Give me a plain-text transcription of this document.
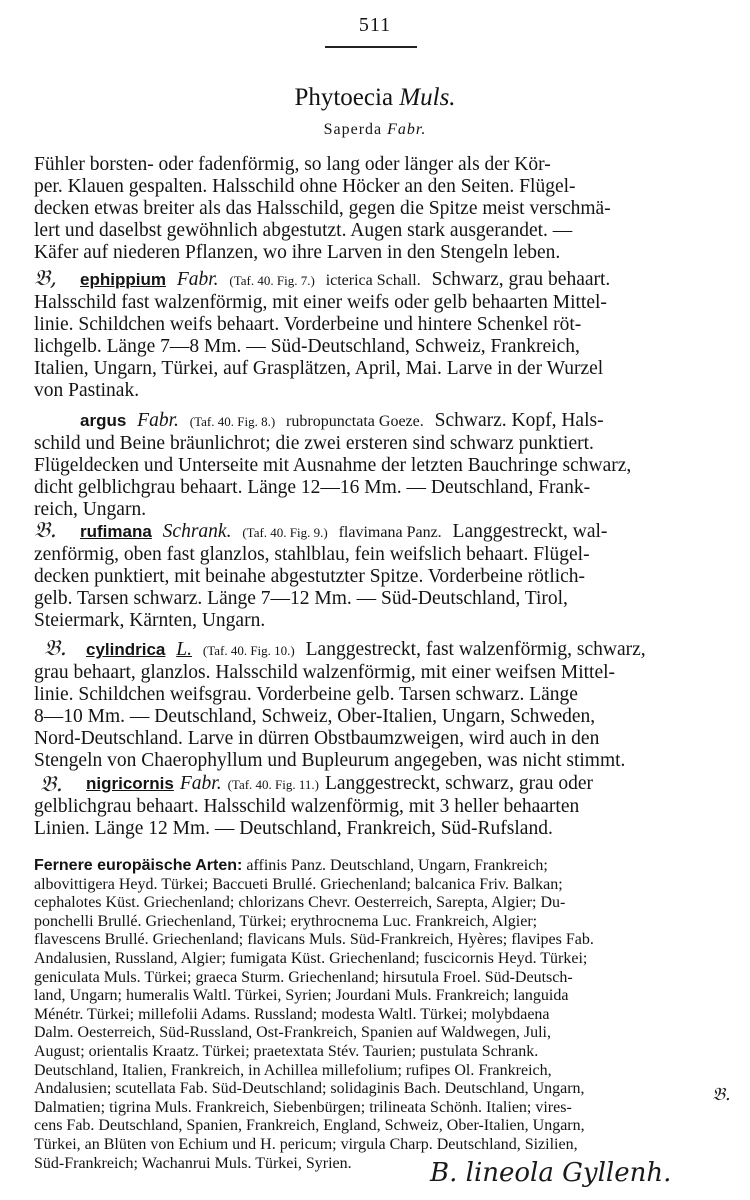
511
Phytoecia Muls.
Saperda Fabr.
Fühler borsten- oder fadenförmig, so lang oder länger als der Kör-
per. Klauen gespalten. Halsschild ohne Höcker an den Seiten. Flügel-
decken etwas breiter als das Halsschild, gegen die Spitze meist verschmä-
lert und daselbst gewöhnlich abgestutzt. Augen stark ausgerandet. —
Käfer auf niederen Pflanzen, wo ihre Larven in den Stengeln leben.
𝔅,	ephippium Fabr. (Taf. 40. Fig. 7.) icterica Schall. Schwarz, grau behaart.
Halsschild fast walzenförmig, mit einer weifs oder gelb behaarten Mittel-
linie. Schildchen weifs behaart. Vorderbeine und hintere Schenkel röt-
lichgelb. Länge 7—8 Mm. — Süd-Deutschland, Schweiz, Frankreich,
Italien, Ungarn, Türkei, auf Grasplätzen, April, Mai. Larve in der Wurzel
von Pastinak.
argus Fabr. (Taf. 40. Fig. 8.) rubropunctata Goeze. Schwarz. Kopf, Hals-
schild und Beine bräunlichrot; die zwei ersteren sind schwarz punktiert.
Flügeldecken und Unterseite mit Ausnahme der letzten Bauchringe schwarz,
dicht gelblichgrau behaart. Länge 12—16 Mm. — Deutschland, Frank-
reich, Ungarn.
𝔅.	rufimana Schrank. (Taf. 40. Fig. 9.) flavimana Panz. Langgestreckt, wal-
zenförmig, oben fast glanzlos, stahlblau, fein weifslich behaart. Flügel-
decken punktiert, mit beinahe abgestutzter Spitze. Vorderbeine rötlich-
gelb. Tarsen schwarz. Länge 7—12 Mm. — Süd-Deutschland, Tirol,
Steiermark, Kärnten, Ungarn.
𝔅.	cylindrica L. (Taf. 40. Fig. 10.) Langgestreckt, fast walzenförmig, schwarz,
grau behaart, glanzlos. Halsschild walzenförmig, mit einer weifsen Mittel-
linie. Schildchen weifsgrau. Vorderbeine gelb. Tarsen schwarz. Länge
8—10 Mm. — Deutschland, Schweiz, Ober-Italien, Ungarn, Schweden,
Nord-Deutschland. Larve in dürren Obstbaumzweigen, wird auch in den
Stengeln von Chaerophyllum und Bupleurum angegeben, was nicht stimmt.
𝔅.	nigricornis Fabr. (Taf. 40. Fig. 11.) Langgestreckt, schwarz, grau oder
gelblichgrau behaart. Halsschild walzenförmig, mit 3 heller behaarten
Linien. Länge 12 Mm. — Deutschland, Frankreich, Süd-Rufsland.
Fernere europäische Arten: affinis Panz. Deutschland, Ungarn, Frankreich;
albovittigera Heyd. Türkei; Baccueti Brullé. Griechenland; balcanica Friv. Balkan;
cephalotes Küst. Griechenland; chlorizans Chevr. Oesterreich, Sarepta, Algier; Du-
ponchelli Brullé. Griechenland, Türkei; erythrocnema Luc. Frankreich, Algier;
flavescens Brullé. Griechenland; flavicans Muls. Süd-Frankreich, Hyères; flavipes Fab.
Andalusien, Russland, Algier; fumigata Küst. Griechenland; fuscicornis Heyd. Türkei;
geniculata Muls. Türkei; graeca Sturm. Griechenland; hirsutula Froel. Süd-Deutsch-
land, Ungarn; humeralis Waltl. Türkei, Syrien; Jourdani Muls. Frankreich; languida
Ménétr. Türkei; millefolii Adams. Russland; modesta Waltl. Türkei; molybdaena
Dalm. Oesterreich, Süd-Russland, Ost-Frankreich, Spanien auf Waldwegen, Juli,
August; orientalis Kraatz. Türkei; praetextata Stév. Taurien; pustulata Schrank.
Deutschland, Italien, Frankreich, in Achillea millefolium; rufipes Ol. Frankreich,
Andalusien; scutellata Fab. Süd-Deutschland; solidaginis Bach. Deutschland, Ungarn,
Dalmatien; tigrina Muls. Frankreich, Siebenbürgen; trilineata Schönh. Italien; vires-
cens Fab. Deutschland, Spanien, Frankreich, England, Schweiz, Ober-Italien, Ungarn,
Türkei, an Blüten von Echium und H. pericum; virgula Charp. Deutschland, Sizilien,
Süd-Frankreich; Wachanrui Muls. Türkei, Syrien.
𝔅.
B. lineola Gyllenh.
